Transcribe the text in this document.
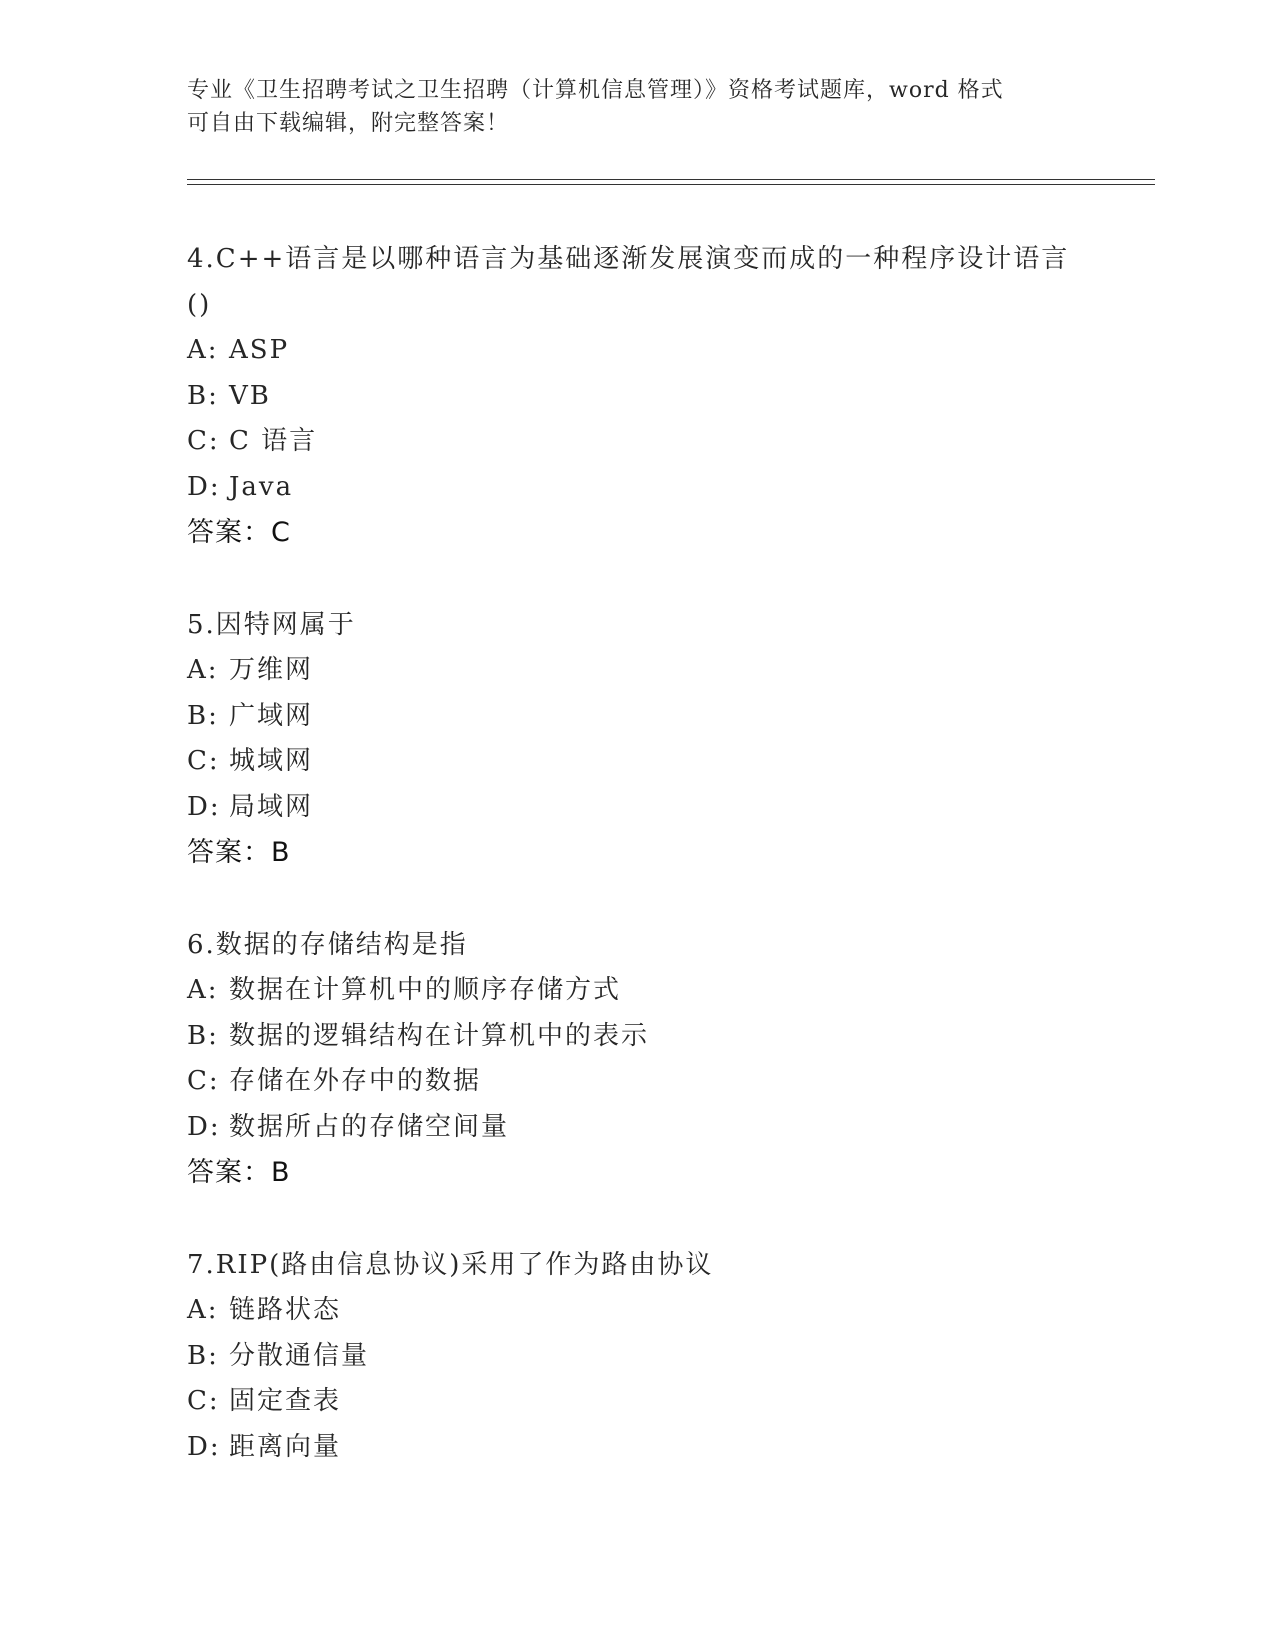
专业《卫生招聘考试之卫生招聘（计算机信息管理）》资格考试题库，word 格式
可自由下载编辑，附完整答案！
4.C++语言是以哪种语言为基础逐渐发展演变而成的一种程序设计语言
()
A: ASP
B: VB
C: C 语言
D: Java
答案：C
5.因特网属于
A: 万维网
B: 广域网
C: 城域网
D: 局域网
答案：B
6.数据的存储结构是指
A: 数据在计算机中的顺序存储方式
B: 数据的逻辑结构在计算机中的表示
C: 存储在外存中的数据
D: 数据所占的存储空间量
答案：B
7.RIP(路由信息协议)采用了作为路由协议
A: 链路状态
B: 分散通信量
C: 固定查表
D: 距离向量
